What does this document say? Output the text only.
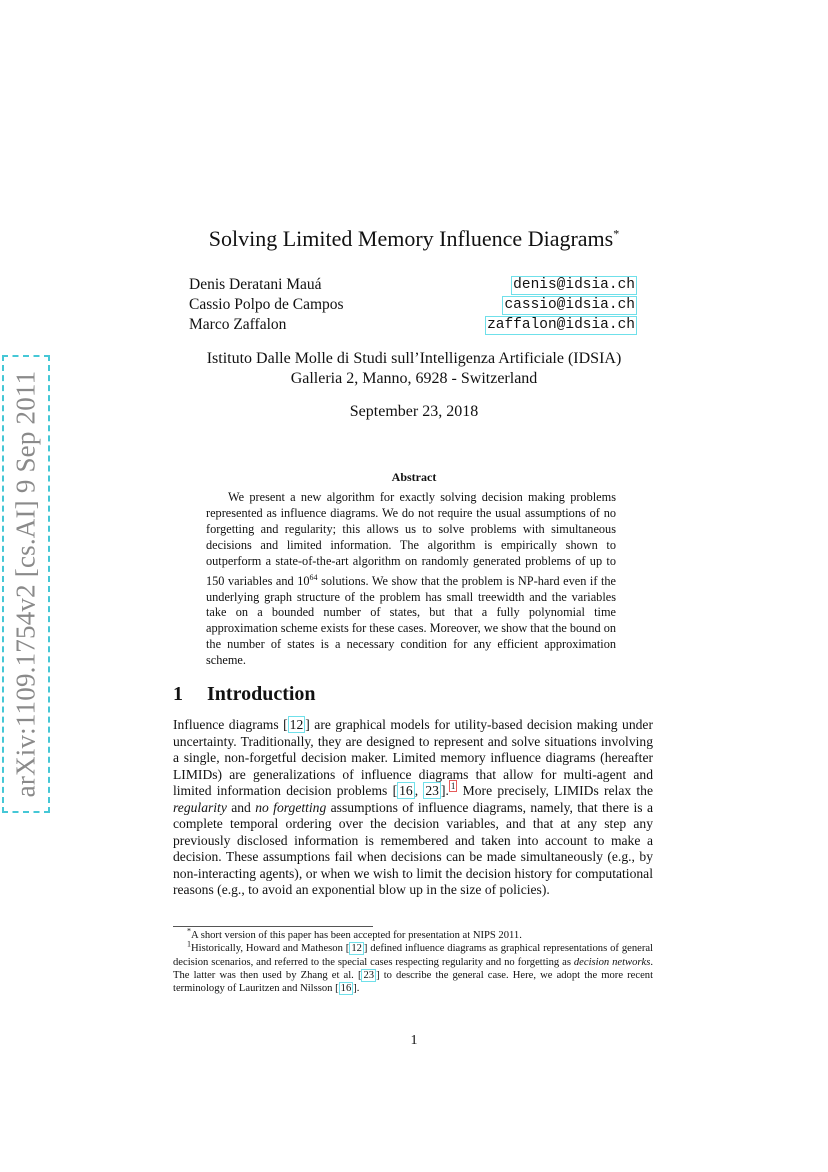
arXiv:1109.1754v2 [cs.AI] 9 Sep 2011
Solving Limited Memory Influence Diagrams*
Denis Deratani Mauá	denis@idsia.ch
Cassio Polpo de Campos	cassio@idsia.ch
Marco Zaffalon	zaffalon@idsia.ch
Istituto Dalle Molle di Studi sull’Intelligenza Artificiale (IDSIA)
Galleria 2, Manno, 6928 - Switzerland
September 23, 2018
Abstract

We present a new algorithm for exactly solving decision making problems represented as influence diagrams. We do not require the usual assumptions of no forgetting and regularity; this allows us to solve problems with simultaneous decisions and limited information. The algorithm is empirically shown to outperform a state-of-the-art algorithm on randomly generated problems of up to 150 variables and $10^{64}$ solutions. We show that the problem is NP-hard even if the underlying graph structure of the problem has small treewidth and the variables take on a bounded number of states, but that a fully polynomial time approximation scheme exists for these cases. Moreover, we show that the bound on the number of states is a necessary condition for any efficient approximation scheme.

1 Introduction

Influence diagrams [ 12 ] are graphical models for utility-based decision making under uncertainty. Traditionally, they are designed to represent and solve situations involving a single, non-forgetful decision maker. Limited memory influence diagrams (hereafter LIMIDs) are generalizations of influence diagrams that allow for multi-agent and limited information decision problems [ 16 , 23 ]. $^1$ More precisely, LIMIDs relax the regularity and no forgetting assumptions of influence diagrams, namely, that there is a complete temporal ordering over the decision variables, and that at any step any previously disclosed information is remembered and taken into account to make a decision. These assumptions fail when decisions can be made simultaneously (e.g., by non-interacting agents), or when we wish to limit the decision history for computational reasons (e.g., to avoid an exponential blow up in the size of policies).

*A short version of this paper has been accepted for presentation at NIPS 2011.

$^1$Historically, Howard and Matheson [ 12 ] defined influence diagrams as graphical representations of general decision scenarios, and referred to the special cases respecting regularity and no forgetting as decision networks. The latter was then used by Zhang et al. [ 23 ] to describe the general case. Here, we adopt the more recent terminology of Lauritzen and Nilsson [ 16 ].

1
